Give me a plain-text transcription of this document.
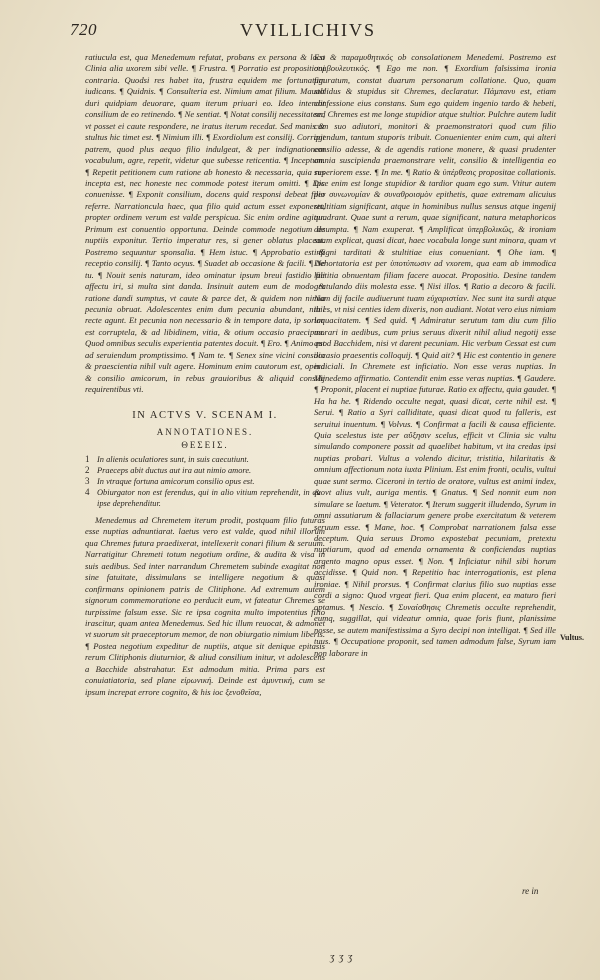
720	VVILLICHIVS

ratiucula est, qua Menedemum refutat, probans ex persona & loco Clinia alia uxorem sibi velle. ¶ Frustra. ¶ Porratio est propositioni contraria. Quodsi res habet ita, frustra equidem me fortunatum iudicans. ¶ Quidnis. ¶ Consulteria est. Nimium amat filium. Mauult duri quidpiam deuorare, quam iterum priuari eo. Ideo intendit consilium de eo retinendo. ¶ Ne sentiat. ¶ Notat consilij necessitatem, vt posset ei caute respondere, ne iratus iterum recedat. Sed manis & stultus hic timet est. ¶ Nimium illi. ¶ Exordiolum est consilij. Corripit patrem, quod plus aequo filio indulgeat, & per indignationem vocabulum, agre, repetit, videtur que subesse reticentia. ¶ Inceptum. ¶ Repetit petitionem cum ratione ab honesto & necessaria, quia res incepta est, nec honeste nec commode potest iterum omitti. ¶ Dic conuenisse. ¶ Exponit consilium, docens quid responsi debeat filio referre. Narrationcula haec, qua filio quid actum esset exponeret, propter ordinem verum est valde perspicua. Sic enim ordine agitur. Primum est conuentio opportuna. Deinde commode negotium de nuptiis exponitur. Tertio imperatur res, si gener oblatus placeat. Postremo sequuntur sponsalia. ¶ Hem istuc. ¶ Approbatio est & receptio consilij. ¶ Tanto ocyus. ¶ Suadet ab occasione & facili. ¶ Ne tu. ¶ Nouit senis naturam, ideo ominatur ipsum breui fastidio fili affectu iri, si multa sint danda. Insinuit autem eum de modo & ratione dandi sumptus, vt caute & parce det, & quidem non nimia pecunia obruat. Adolescentes enim dum pecunia abundant, nihil recte agunt. Et pecunia non necessario & in tempore data, ip sorum est corruptela, & ad libidinem, vitia, & otium occasio praecipua. Quod omnibus seculis experientia patentes docuit. ¶ Ero. ¶ Animo est ad seruiendum promptissimo. ¶ Nam te. ¶ Senex sine vicini consilio & praescientia nihil vult agere. Hominum enim cautorum est, opera & consilio amicorum, in rebus grauioribus & aliquid consilij requirentibus vti.

IN ACTVS V. SCENAM I.
ANNOTATIONES.
ΘΕΣΕΙΣ.
1 In alienis oculatiores sunt, in suis caecutiunt.
2 Praeceps abit ductus aut ira aut nimio amore.
3 In vtraque fortuna amicorum consilio opus est.
4 Obiurgator non est ferendus, qui in alio vitium reprehendit, in quo ipse deprehenditur.

Menedemus ad Chremetem iterum prodit, postquam filio futuras esse nuptias adnuntiarat. laetus vero est valde, quod nihil illorum qua Chremes futura praedixerat, intellexerit conari filium & seruum. Narratigitur Chremeti totum negotium ordine, & audita & visa in suis aedibus. Sed inter narrandum Chremetem subinde exagitat non sine fatuitate, dissimulans se intelligere negotium & quasi confirmans opinionem patris de Clitiphone. Ad extremum autem signorum commemoratione eo perducit eum, vt fateatur Chremes se turpissime falsum esse. Sic re ipsa cognita multo impotentius filio irascitur, quam antea Menedemus. Sed hic illum reuocat, & admonet vt suorum sit praeceptorum memor, de non obiurgatio nimium liberis. ¶ Postea negotium expeditur de nuptiis, atque sit denique epitasis rerum Clitiphonis diuturnior, & aliud consilium initur, vt adolescens a Bacchide abstrahatur. Est admodum mitia. Prima pars est conuiatiatoria, sed plane εἰρωνική. Deinde est ἀμυντική, cum se ipsum increpat errore cognito, & his ioc ξενοθεῖσα,

Est & παραμυθητικός ob consolationem Menedemi. Postremo est συμβουλευτικός. ¶ Ego me non. ¶ Exordium falsissima ironia figuratum, constat duarum personarum collatione. Quo, quam stolidus & stupidus sit Chremes, declaratur. Πάμπανυ est, etiam confessione eius constans. Sum ego quidem ingenio tardo & hebeti, sed Chremes est me longe stupidior atque stultior. Pulchre autem ludit cum suo adiutori, monitori & praemonstratori quod cum filio agendum, tantum stuporis tribuit. Conuenienter enim cum, qui alteri consilio adesse, & de agendis ratione monere, & quasi prudenter omnia suscipienda praemonstrare velit, consilio & intelligentia eo superiorem esse. ¶ In me. ¶ Ratio & ὑπέρθεσις propositae collationis. Ipse enim est longe stupidior & tardior quam ego sum. Vtitur autem per συνωνυμίαν & συναθροισμὸν epithetis, quae extremam alicuius stultitiam significant, atque in hominibus nullus sensus atque ingenij quadrant. Quae sunt a rerum, quae significant, natura metaphoricos desumpta. ¶ Nam exuperat. ¶ Amplificat ὑπερβολικῶς, & ironiam suam explicat, quasi dicat, haec vocabula longe sunt minora, quam vt infigni tarditati & stultitiae eius conueniant. ¶ Ohe iam. ¶ Dehortatoria est per ὑποτύπωσιν ad vxorem, qua eam ab immodica laetitia obnuentam filiam facere auocat. Propositio. Desine tandem gratulando diis molesta esse. ¶ Nisi illos. ¶ Ratio a decoro & facili. Nam dij facile audiuerunt tuam εὐχαριστίαν. Nec sunt ita surdi atque tu es, vt nisi centies idem dixeris, non audiant. Notat vero eius nimiam loquacitatem. ¶ Sed quid. ¶ Admiratur serutum tam diu cum filio morari in aedibus, cum prius seruus dixerit nihil aliud negotij esse quod Bacchidem, nisi vt darent pecuniam. Hic verbum Cessat est cum occasio praesentis colloquij. ¶ Quid ait? ¶ Hic est contentio in genere iudiciali. In Chremete est inficiatio. Non esse veras nuptias. In Menedemo affirmatio. Contendit enim esse veras nuptias. ¶ Gaudere. ¶ Proponit, placent ei nuptiae futurae. Ratio ex affectu, quia gaudet. ¶ Ha ha he. ¶ Ridendo occulte negat, quasi dicat, certe nihil est. ¶ Serui. ¶ Ratio a Syri calliditate, quasi dicat quod tu falleris, est seruitui inuentum. ¶ Volvus. ¶ Confirmat a facili & causa efficiente. Quia scelestus iste per αὔξησιν scelus, efficit vt Clinia sic vultu simulando componere possit ad quaelibet habitum, vt ita credas ipsi nuptias probari. Vultus a volendo dicitur, tristitia, hilaritatis & omnium affectionum nota iuxta Plinium. Est enim fronti, oculis, vultui quae sunt sermo. Ciceroni in tertio de oratore, vultus est animi index, & vt alius vult, auriga mentis. ¶ Gnatus. ¶ Sed nonnit eum non simulare se laetum. ¶ Veterator. ¶ Iterum suggerit illudendo, Syrum in omni assutiarum & fallaciarum genere probe exercitatum & veterem seruum esse. ¶ Mane, hoc. ¶ Comprobat narrationem falsa esse deceptum. Quia seruus Dromo expostebat pecuniam, pretextu nuptiarum, quod ad emenda ornamenta & conficiendas nuptias argento magno opus esset. ¶ Non. ¶ Inficiatur nihil sibi horum accidisse. ¶ Quid non. ¶ Repetitio hac interrogationis, est plena ironiae. ¶ Nihil prorsus. ¶ Confirmat clarius filio suo nuptias esse cordi a signo: Quod vrgeat fieri. Qua enim placent, ea maturo fieri optamus. ¶ Nescio. ¶ Συναίσθησις Chremetis occulte reprehendit, eumq, suggillat, qui videatur omnia, quae foris fiunt, planissime nosse, se autem manifestissima a Syro decipi non intelligat. ¶ Sed ille tuus. ¶ Occupatione proponit, sed tamen admodum false, Syrum iam non laborare in

Vultus.
re in
ʒ ʒ ʒ
